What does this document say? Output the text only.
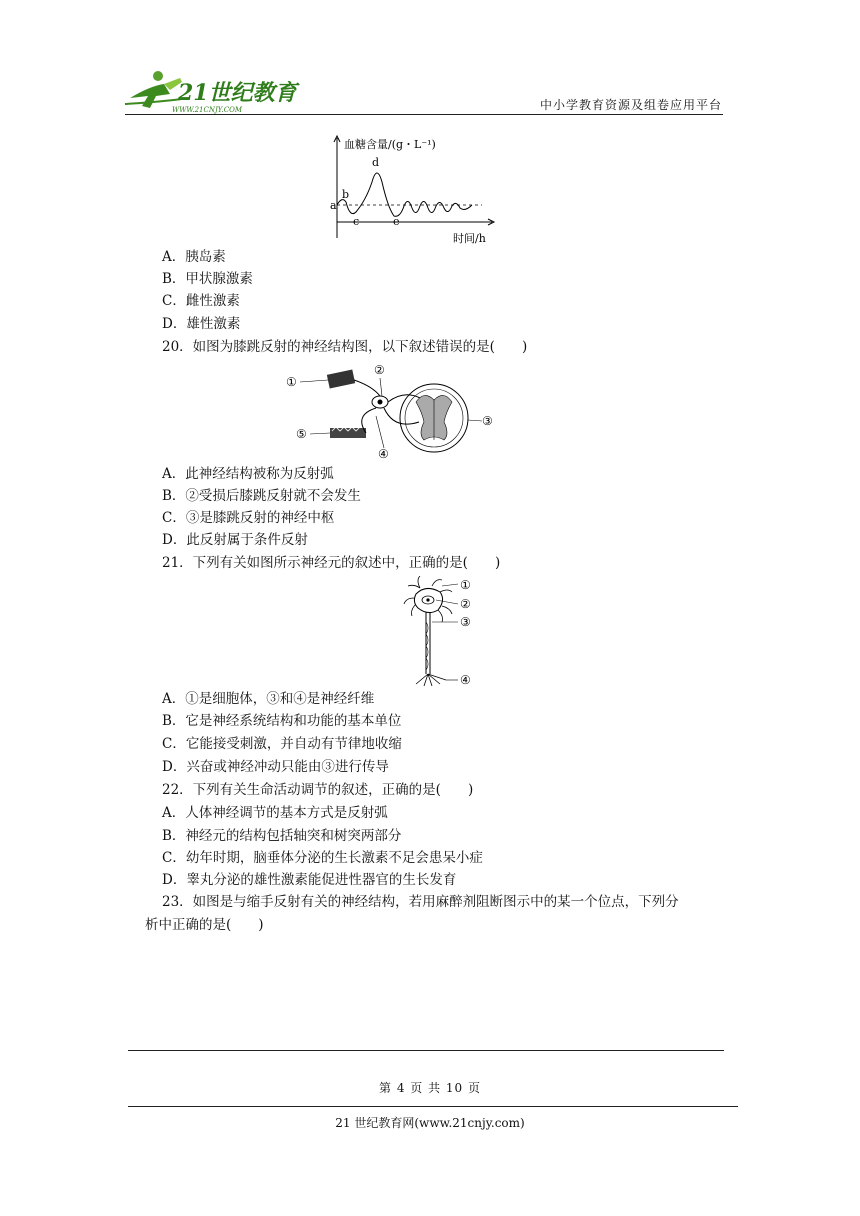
21世纪教育
WWW.21CNJY.COM	中小学教育资源及组卷应用平台
血糖含量/(g・L⁻¹)
时间/h
a
b
c
d
e
A．胰岛素
B．甲状腺激素
C．雌性激素
D．雄性激素
20．如图为膝跳反射的神经结构图，以下叙述错误的是(　　)
①
②
③
④
⑤
A．此神经结构被称为反射弧
B．②受损后膝跳反射就不会发生
C．③是膝跳反射的神经中枢
D．此反射属于条件反射
21．下列有关如图所示神经元的叙述中，正确的是(　　)
①
②
③
④
A．①是细胞体，③和④是神经纤维
B．它是神经系统结构和功能的基本单位
C．它能接受刺激，并自动有节律地收缩
D．兴奋或神经冲动只能由③进行传导
22．下列有关生命活动调节的叙述，正确的是(　　)
A．人体神经调节的基本方式是反射弧
B．神经元的结构包括轴突和树突两部分
C．幼年时期，脑垂体分泌的生长激素不足会患呆小症
D．睾丸分泌的雄性激素能促进性器官的生长发育
23．如图是与缩手反射有关的神经结构，若用麻醉剂阻断图示中的某一个位点，下列分
析中正确的是(　　)
第 4 页 共 10 页
21 世纪教育网(www.21cnjy.com)
